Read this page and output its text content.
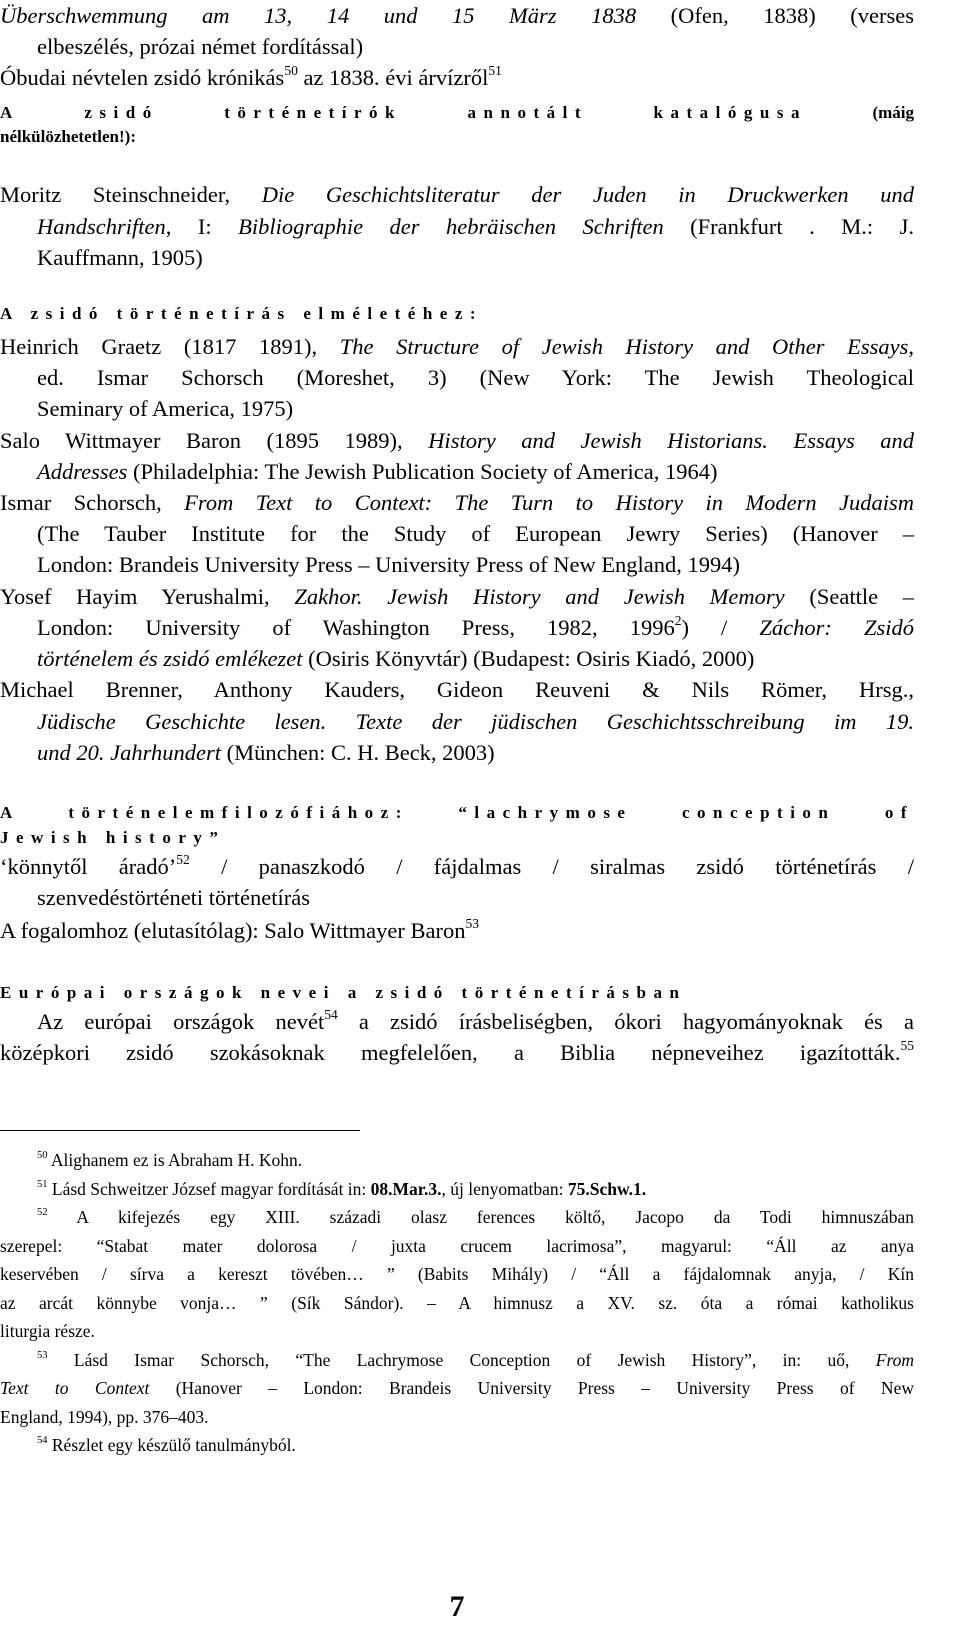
Überschwemmung am 13, 14 und 15 März 1838 (Ofen, 1838) (verses
elbeszélés, prózai német fordítással)
Óbudai névtelen zsidó krónikás$^{50}$ az 1838. évi árvízről$^{51}$
A	zsidó	történetírók	annotált	katalógusa	(máig
nélkülözhetetlen!):
Moritz Steinschneider, Die Geschichtsliteratur der Juden in Druckwerken und
Handschriften, I: Bibliographie der hebräischen Schriften (Frankfurt . M.: J.
Kauffmann, 1905)
A zsidó történetírás elméletéhez:
Heinrich Graetz (1817 1891), The Structure of Jewish History and Other Essays,
ed. Ismar Schorsch (Moreshet, 3) (New York: The Jewish Theological
Seminary of America, 1975)
Salo Wittmayer Baron (1895 1989), History and Jewish Historians. Essays and
Addresses (Philadelphia: The Jewish Publication Society of America, 1964)
Ismar Schorsch, From Text to Context: The Turn to History in Modern Judaism
(The Tauber Institute for the Study of European Jewry Series) (Hanover –
London: Brandeis University Press – University Press of New England, 1994)
Yosef Hayim Yerushalmi, Zakhor. Jewish History and Jewish Memory (Seattle –
London: University of Washington Press, 1982, 1996$^2$) / Záchor: Zsidó
történelem és zsidó emlékezet (Osiris Könyvtár) (Budapest: Osiris Kiadó, 2000)
Michael Brenner, Anthony Kauders, Gideon Reuveni & Nils Römer, Hrsg.,
Jüdische Geschichte lesen. Texte der jüdischen Geschichtsschreibung im 19.
und 20. Jahrhundert (München: C. H. Beck, 2003)
A	történelemfilozófiához:	“lachrymose	conception	of
Jewish history”
‘könnytől áradó’$^{52}$ / panaszkodó / fájdalmas / siralmas zsidó történetírás /
szenvedéstörténeti történetírás
A fogalomhoz (elutasítólag): Salo Wittmayer Baron$^{53}$
Európai országok nevei a zsidó történetírásban
Az európai országok nevét$^{54}$ a zsidó írásbeliségben, ókori hagyományoknak és a
középkori zsidó szokásoknak megfelelően, a Biblia népneveihez igazították.$^{55}$
$^{50}$ Alighanem ez is Abraham H. Kohn.
$^{51}$ Lásd Schweitzer József magyar fordítását in: 08.Mar.3., új lenyomatban: 75.Schw.1.
$^{52}$ A kifejezés egy XIII. századi olasz ferences költő, Jacopo da Todi himnuszában
szerepel: “Stabat mater dolorosa / juxta crucem lacrimosa”, magyarul: “Áll az anya
keservében / sírva a kereszt tövében… ” (Babits Mihály) / “Áll a fájdalomnak anyja, / Kín
az arcát könnybe vonja… ” (Sík Sándor). – A himnusz a XV. sz. óta a római katholikus
liturgia része.
$^{53}$ Lásd Ismar Schorsch, “The Lachrymose Conception of Jewish History”, in: uő, From
Text to Context (Hanover – London: Brandeis University Press – University Press of New
England, 1994), pp. 376–403.
$^{54}$ Részlet egy készülő tanulmányból.
7
